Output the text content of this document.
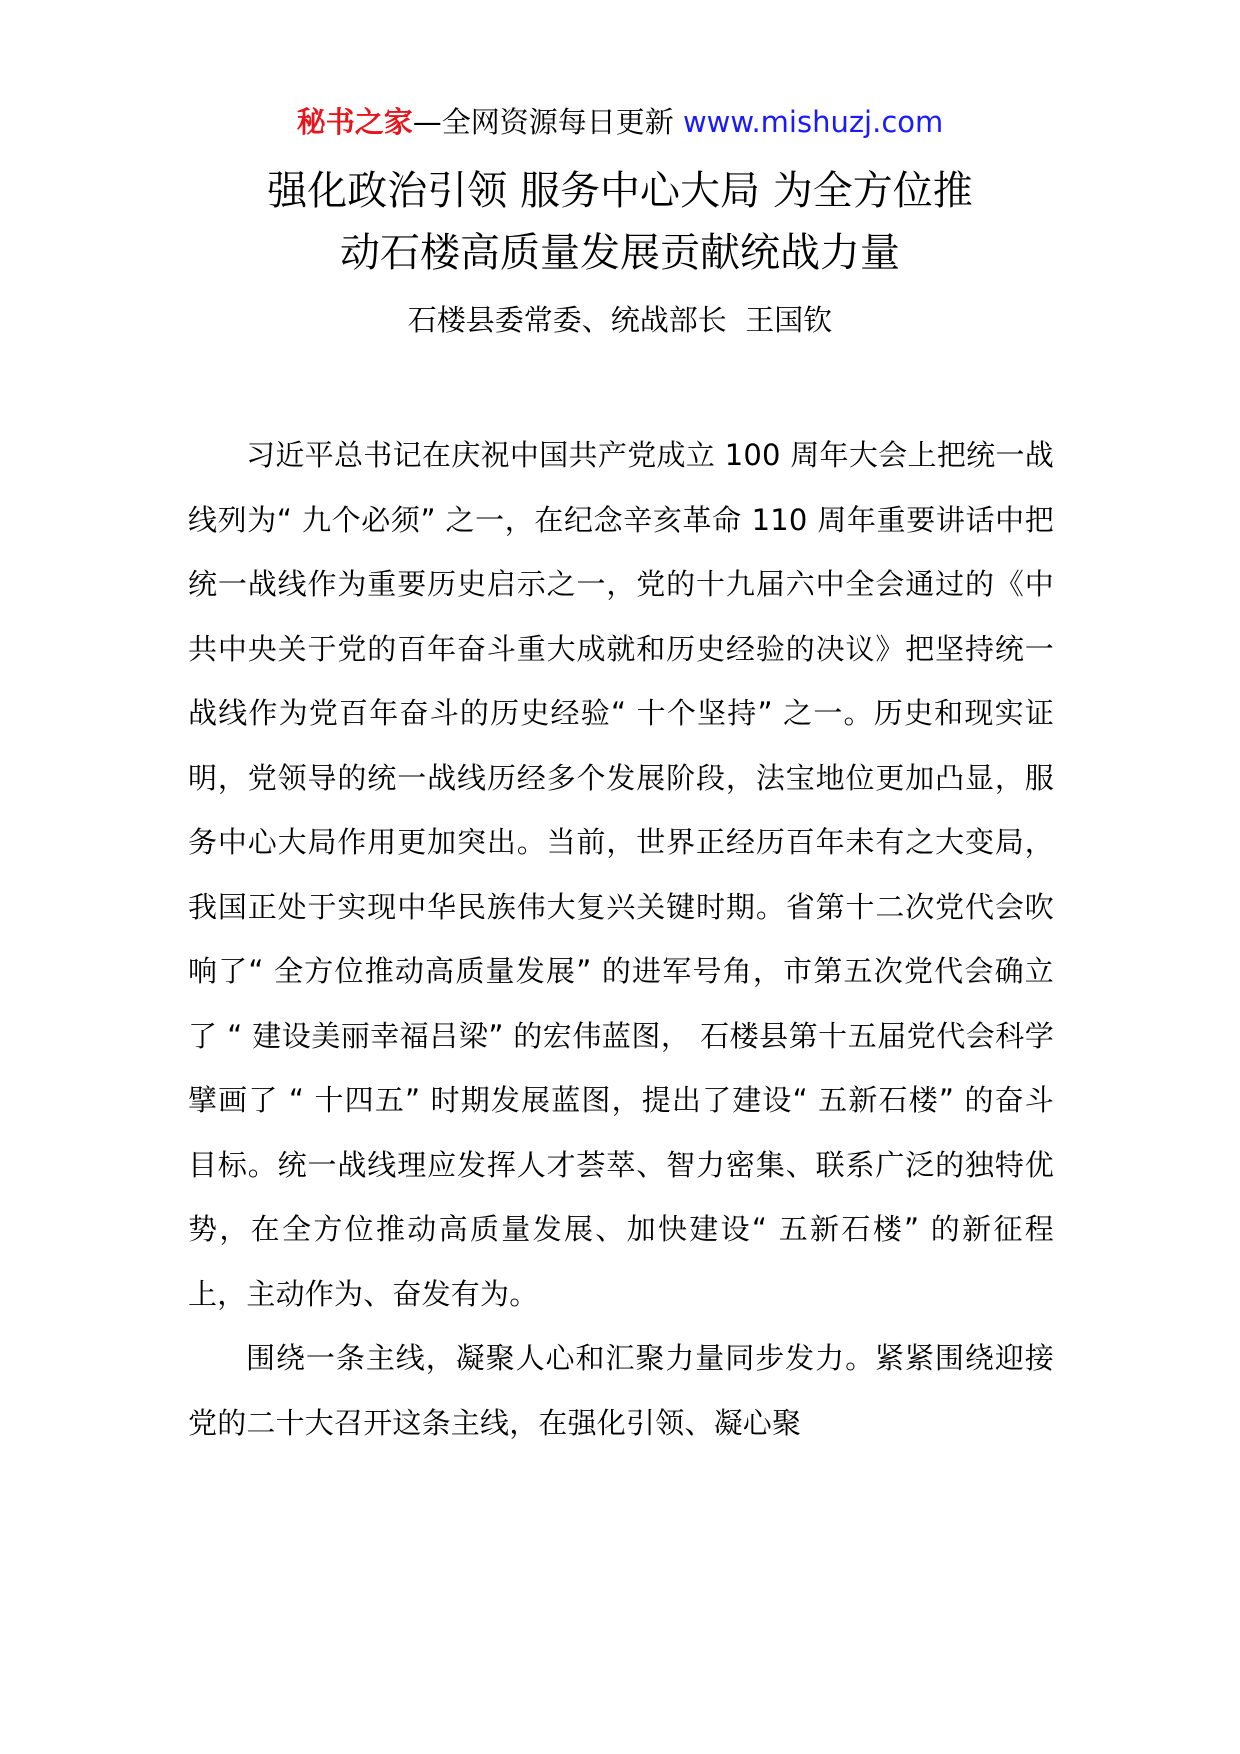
秘书之家—全网资源每日更新 www.mishuzj.com
强化政治引领 服务中心大局 为全方位推
动石楼高质量发展贡献统战力量
石楼县委常委、统战部长  王国钦

习近平总书记在庆祝中国共产党成立 100 周年大会上把统一战线列为“ 九个必须” 之一，在纪念辛亥革命 110 周年重要讲话中把统一战线作为重要历史启示之一，党的十九届六中全会通过的《中共中央关于党的百年奋斗重大成就和历史经验的决议》把坚持统一战线作为党百年奋斗的历史经验“ 十个坚持” 之一。历史和现实证明，党领导的统一战线历经多个发展阶段，法宝地位更加凸显，服务中心大局作用更加突出。当前，世界正经历百年未有之大变局，我国正处于实现中华民族伟大复兴关键时期。省第十二次党代会吹响了“ 全方位推动高质量发展” 的进军号角，市第五次党代会确立了 “ 建设美丽幸福吕梁” 的宏伟蓝图， 石楼县第十五届党代会科学擘画了 “ 十四五” 时期发展蓝图，提出了建设“ 五新石楼” 的奋斗目标。统一战线理应发挥人才荟萃、智力密集、联系广泛的独特优势，在全方位推动高质量发展、加快建设“ 五新石楼” 的新征程上，主动作为、奋发有为。

围绕一条主线，凝聚人心和汇聚力量同步发力。紧紧围绕迎接党的二十大召开这条主线，在强化引领、凝心聚
